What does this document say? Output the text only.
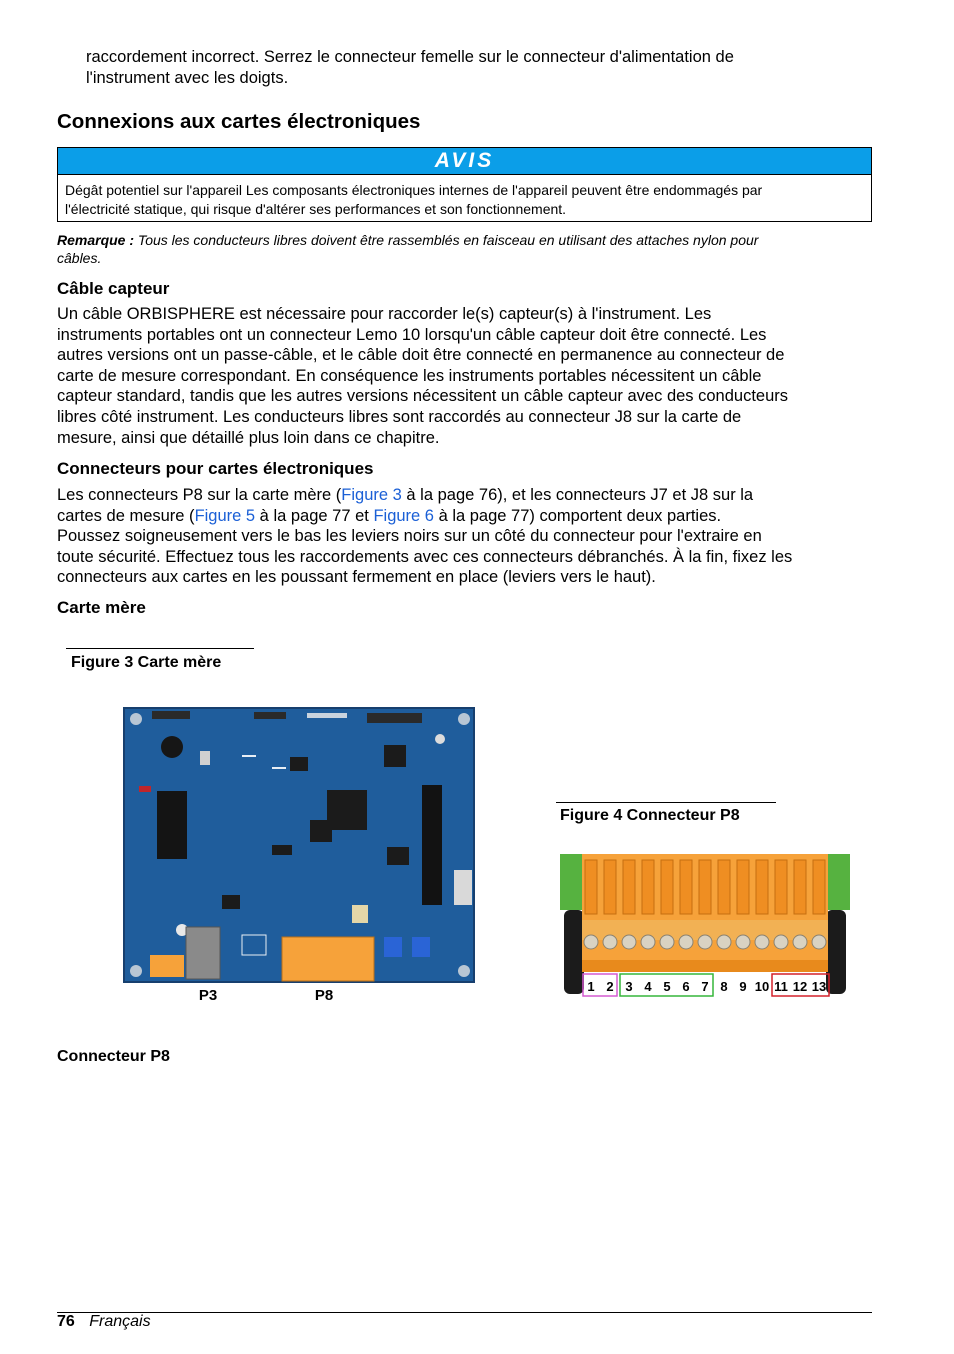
raccordement incorrect. Serrez le connecteur femelle sur le connecteur d'alimentation de
l'instrument avec les doigts.
Connexions aux cartes électroniques
AVIS
Dégât potentiel sur l'appareil Les composants électroniques internes de l'appareil peuvent être endommagés par
l'électricité statique, qui risque d'altérer ses performances et son fonctionnement.
Remarque : Tous les conducteurs libres doivent être rassemblés en faisceau en utilisant des attaches nylon pour
câbles.
Câble capteur
Un câble ORBISPHERE est nécessaire pour raccorder le(s) capteur(s) à l'instrument. Les
instruments portables ont un connecteur Lemo 10 lorsqu'un câble capteur doit être connecté. Les
autres versions ont un passe-câble, et le câble doit être connecté en permanence au connecteur de
carte de mesure correspondant. En conséquence les instruments portables nécessitent un câble
capteur standard, tandis que les autres versions nécessitent un câble capteur avec des conducteurs
libres côté instrument. Les conducteurs libres sont raccordés au connecteur J8 sur la carte de
mesure, ainsi que détaillé plus loin dans ce chapitre.
Connecteurs pour cartes électroniques
Les connecteurs P8 sur la carte mère (Figure 3 à la page 76), et les connecteurs J7 et J8 sur la
cartes de mesure (Figure 5 à la page 77 et Figure 6 à la page 77) comportent deux parties.
Poussez soigneusement vers le bas les leviers noirs sur un côté du connecteur pour l'extraire en
toute sécurité. Effectuez tous les raccordements avec ces connecteurs débranchés. À la fin, fixez les
connecteurs aux cartes en les poussant fermement en place (leviers vers le haut).
Carte mère
Figure 3 Carte mère
P3	P8
Figure 4 Connecteur P8
1 2 3 4 5 6 7 8 9 10 11 12 13
Connecteur P8
76 Français
